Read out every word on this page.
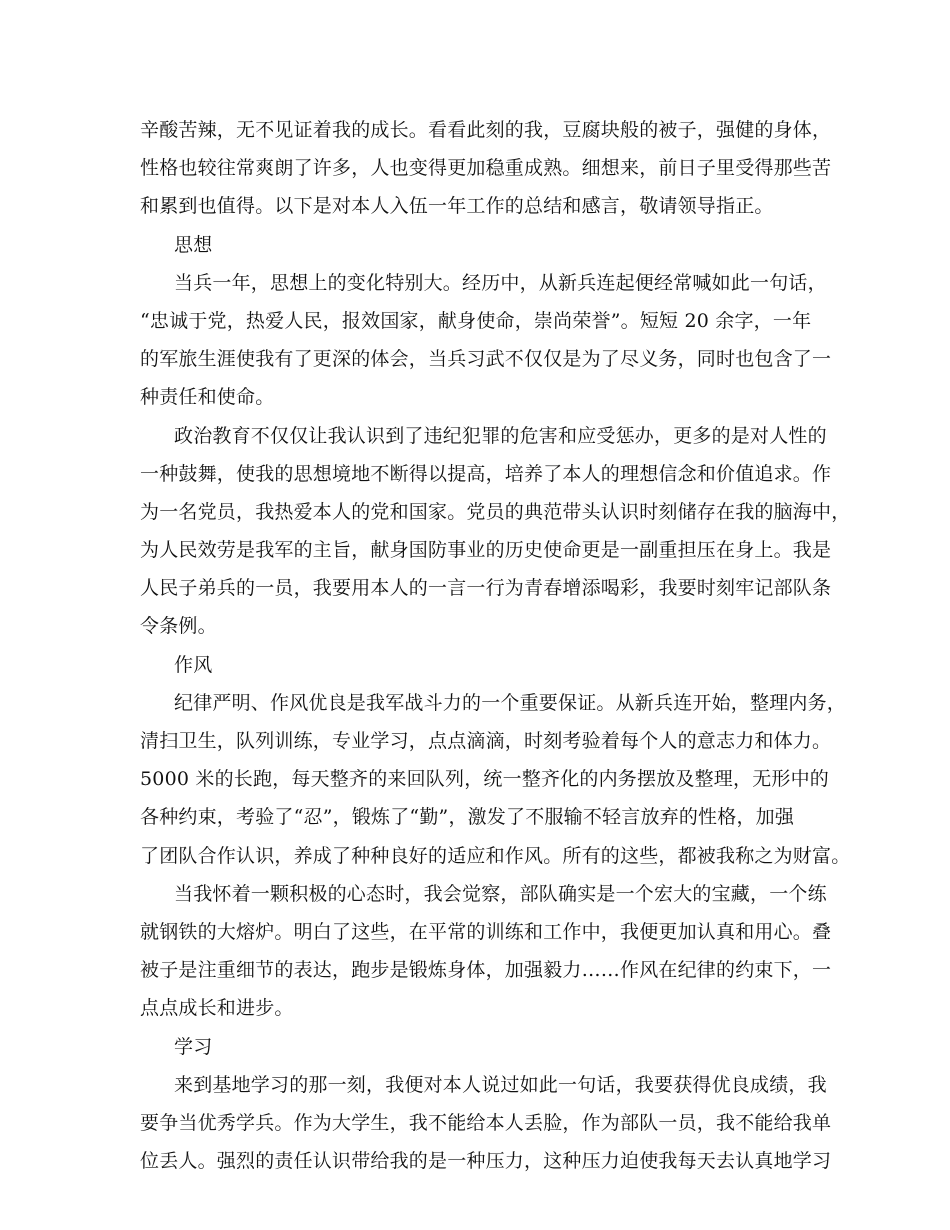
辛酸苦辣，无不见证着我的成长。看看此刻的我，豆腐块般的被子，强健的身体，
性格也较往常爽朗了许多，人也变得更加稳重成熟。细想来，前日子里受得那些苦
和累到也值得。以下是对本人入伍一年工作的总结和感言，敬请领导指正。
思想
当兵一年，思想上的变化特别大。经历中，从新兵连起便经常喊如此一句话，
“忠诚于党，热爱人民，报效国家，献身使命，崇尚荣誉”。短短 20 余字，一年
的军旅生涯使我有了更深的体会，当兵习武不仅仅是为了尽义务，同时也包含了一
种责任和使命。
政治教育不仅仅让我认识到了违纪犯罪的危害和应受惩办，更多的是对人性的
一种鼓舞，使我的思想境地不断得以提高，培养了本人的理想信念和价值追求。作
为一名党员，我热爱本人的党和国家。党员的典范带头认识时刻储存在我的脑海中，
为人民效劳是我军的主旨，献身国防事业的历史使命更是一副重担压在身上。我是
人民子弟兵的一员，我要用本人的一言一行为青春增添喝彩，我要时刻牢记部队条
令条例。
作风
纪律严明、作风优良是我军战斗力的一个重要保证。从新兵连开始，整理内务，
清扫卫生，队列训练，专业学习，点点滴滴，时刻考验着每个人的意志力和体力。
5000 米的长跑，每天整齐的来回队列，统一整齐化的内务摆放及整理，无形中的
各种约束，考验了“忍”，锻炼了“勤”，激发了不服输不轻言放弃的性格，加强
了团队合作认识，养成了种种良好的适应和作风。所有的这些，都被我称之为财富。
当我怀着一颗积极的心态时，我会觉察，部队确实是一个宏大的宝藏，一个练
就钢铁的大熔炉。明白了这些，在平常的训练和工作中，我便更加认真和用心。叠
被子是注重细节的表达，跑步是锻炼身体，加强毅力……作风在纪律的约束下，一
点点成长和进步。
学习
来到基地学习的那一刻，我便对本人说过如此一句话，我要获得优良成绩，我
要争当优秀学兵。作为大学生，我不能给本人丢脸，作为部队一员，我不能给我单
位丢人。强烈的责任认识带给我的是一种压力，这种压力迫使我每天去认真地学习
